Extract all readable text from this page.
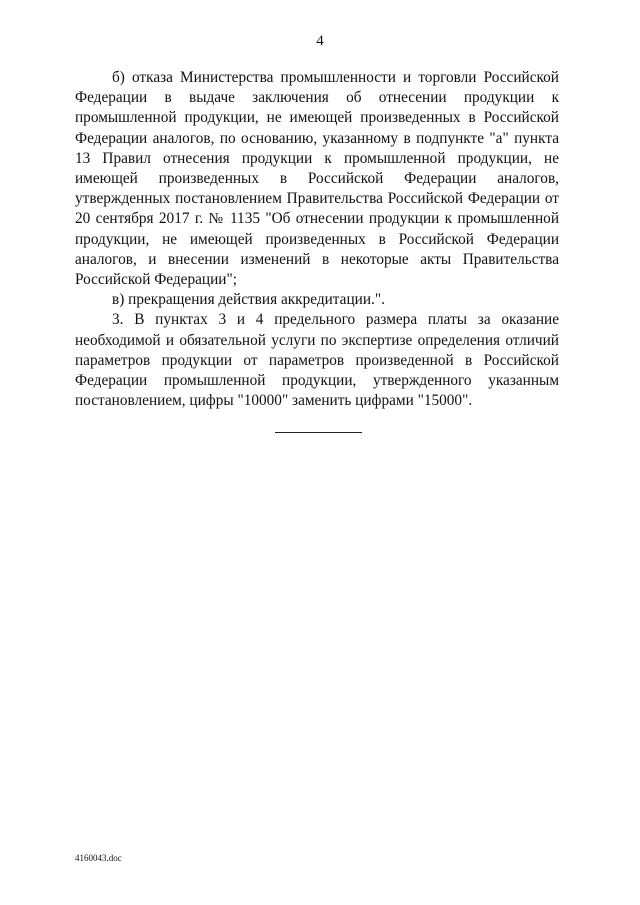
4

б) отказа Министерства промышленности и торговли Российской Федерации в выдаче заключения об отнесении продукции к промышленной продукции, не имеющей произведенных в Российской Федерации аналогов, по основанию, указанному в подпункте "а" пункта 13 Правил отнесения продукции к промышленной продукции, не имеющей произведенных в Российской Федерации аналогов, утвержденных постановлением Правительства Российской Федерации от 20 сентября 2017 г. № 1135 "Об отнесении продукции к промышленной продукции, не имеющей произведенных в Российской Федерации аналогов, и внесении изменений в некоторые акты Правительства Российской Федерации";

в) прекращения действия аккредитации.".

3. В пунктах 3 и 4 предельного размера платы за оказание необходимой и обязательной услуги по экспертизе определения отличий параметров продукции от параметров произведенной в Российской Федерации промышленной продукции, утвержденного указанным постановлением, цифры "10000" заменить цифрами "15000".

4160043.doc
